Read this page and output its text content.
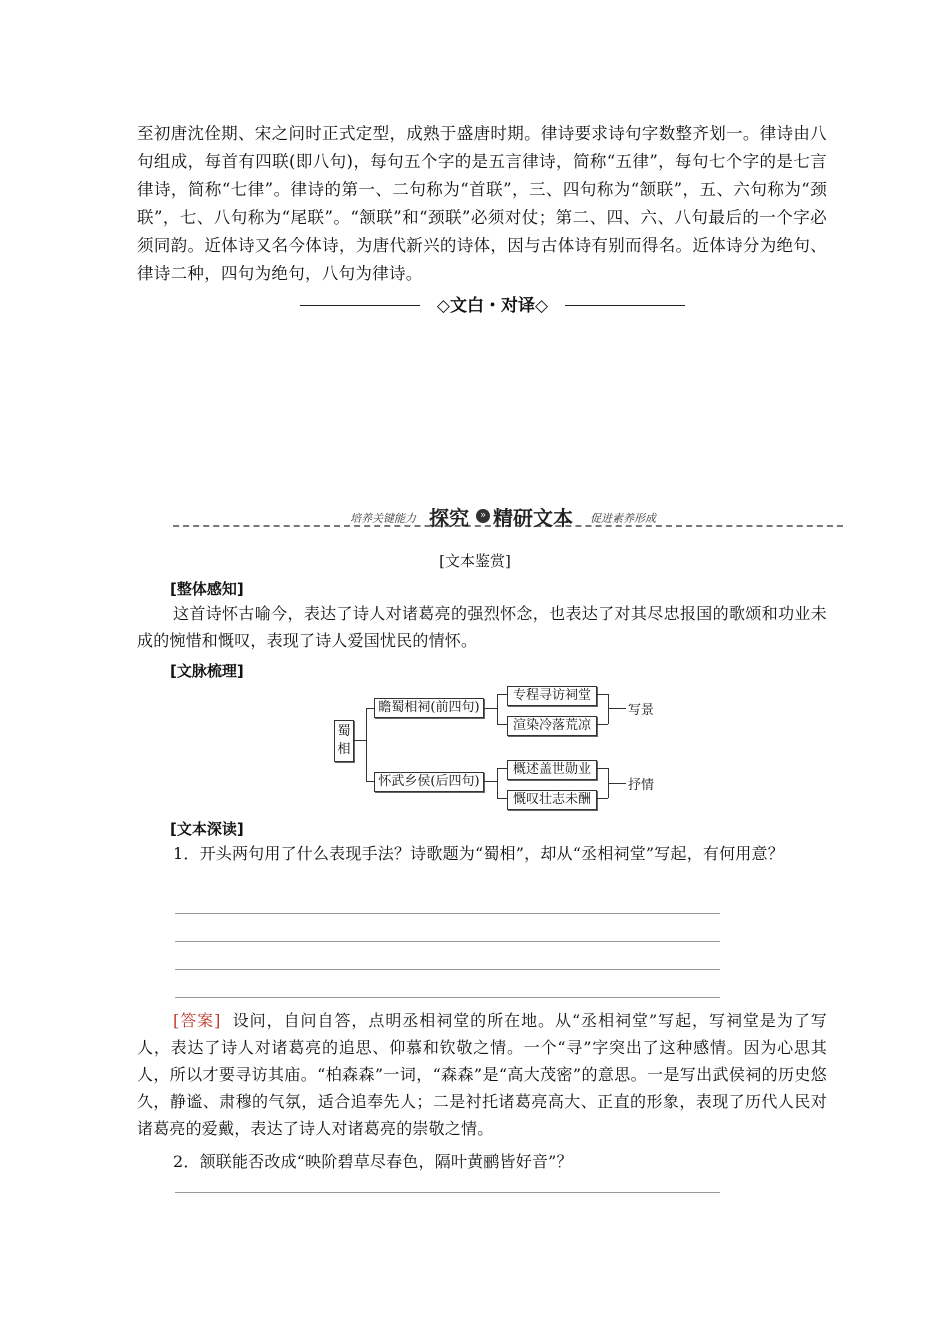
至初唐沈佺期、宋之问时正式定型，成熟于盛唐时期。律诗要求诗句字数整齐划一。律诗由八句组成，每首有四联(即八句)，每句五个字的是五言律诗，简称“五律”，每句七个字的是七言律诗，简称“七律”。律诗的第一、二句称为“首联”，三、四句称为“颔联”，五、六句称为“颈联”，七、八句称为“尾联”。“颔联”和“颈联”必须对仗；第二、四、六、八句最后的一个字必须同韵。近体诗又名今体诗，为唐代新兴的诗体，因与古体诗有别而得名。近体诗分为绝句、律诗二种，四句为绝句，八句为律诗。

◇文白・对译◇
培养关键能力 探究	» 精研文本 促进素养形成
[文本鉴赏]
[整体感知]

这首诗怀古喻今，表达了诗人对诸葛亮的强烈怀念，也表达了对其尽忠报国的歌颂和功业未成的惋惜和慨叹，表现了诗人爱国忧民的情怀。

[文脉梳理]
蜀相
瞻蜀相祠(前四句)
怀武乡侯(后四句)
专程寻访祠堂
渲染冷落荒凉
写景
概述盖世勋业
慨叹壮志未酬
抒情
[文本深读]

1．开头两句用了什么表现手法？诗歌题为“蜀相”，却从“丞相祠堂”写起，有何用意？

[答案] 设问，自问自答，点明丞相祠堂的所在地。从“丞相祠堂”写起，写祠堂是为了写人，表达了诗人对诸葛亮的追思、仰慕和钦敬之情。一个“寻”字突出了这种感情。因为心思其人，所以才要寻访其庙。“柏森森”一词，“森森”是“高大茂密”的意思。一是写出武侯祠的历史悠久，静谧、肃穆的气氛，适合追奉先人；二是衬托诸葛亮高大、正直的形象，表现了历代人民对诸葛亮的爱戴，表达了诗人对诸葛亮的崇敬之情。

2．颔联能否改成“映阶碧草尽春色，隔叶黄鹂皆好音”？
